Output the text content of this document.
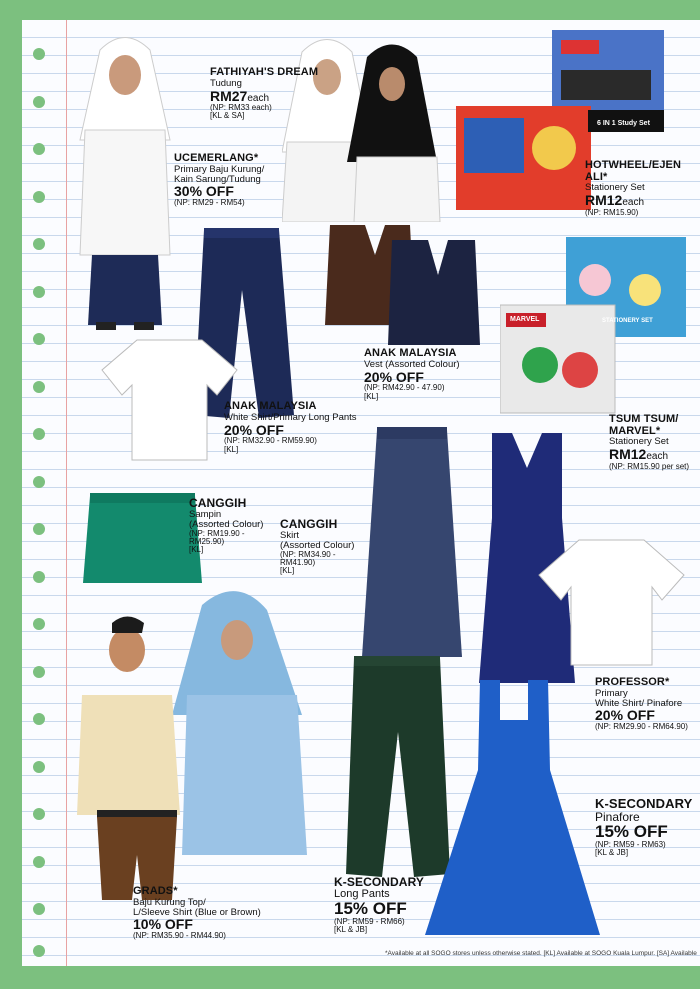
6 IN 1 Study Set
MARVEL	STATIONERY SET
FATHIYAH'S DREAM
Tudung
RM27each
(NP: RM33 each)
[KL & SA]
UCEMERLANG*
Primary Baju Kurung/
Kain Sarung/Tudung
30% OFF
(NP: RM29 - RM54)
HOTWHEEL/EJEN ALI*
Stationery Set
RM12each
(NP: RM15.90)
ANAK MALAYSIA
Vest (Assorted Colour)
20% OFF
(NP: RM42.90 - 47.90)
[KL]
ANAK MALAYSIA
White Shirt/Primary Long Pants
20% OFF
(NP: RM32.90 - RM59.90)
[KL]
TSUM TSUM/
MARVEL*
Stationery Set
RM12each
(NP: RM15.90 per set)
CANGGIH
Sampin
(Assorted Colour)
(NP: RM19.90 -
RM25.90)
[KL]
CANGGIH
Skirt
(Assorted Colour)
(NP: RM34.90 -
RM41.90)
[KL]
PROFESSOR*
Primary
White Shirt/ Pinafore
20% OFF
(NP: RM29.90 - RM64.90)
K-SECONDARY
Pinafore
15% OFF
(NP: RM59 - RM63)
[KL & JB]
K-SECONDARY
Long Pants
15% OFF
(NP: RM59 - RM66)
[KL & JB]
GRADS*
Baju Kurung Top/
L/Sleeve Shirt (Blue or Brown)
10% OFF
(NP: RM35.90 - RM44.90)
*Available at all SOGO stores unless otherwise stated. [KL] Available at SOGO Kuala Lumpur. [SA] Available
